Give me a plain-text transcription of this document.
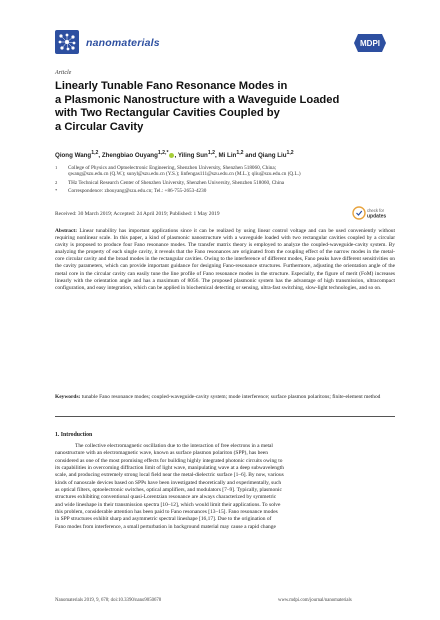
nanomaterials	MDPI
Article
Linearly Tunable Fano Resonance Modes in
a Plasmonic Nanostructure with a Waveguide Loaded
with Two Rectangular Cavities Coupled by
a Circular Cavity
Qiong Wang$^{1,2}$, Zhengbiao Ouyang$^{1,2,*}$ , Yiling Sun$^{1,2}$, Mi Lin$^{1,2}$ and Qiang Liu$^{1,2}$
1 College of Physics and Optoelectronic Engineering, Shenzhen University, Shenzhen 518060, China;
qwang@szu.edu.cn (Q.W.); sunyl@szu.edu.cn (Y.S.); linfengas111@szu.edu.cn (M.L.); qliu@szu.edu.cn (Q.L.)
2 THz Technical Research Center of Shenzhen University, Shenzhen University, Shenzhen 518060, China
* Correspondence: zbouyang@szu.edu.cn; Tel.: +86-755-2653-4230
Received: 30 March 2019; Accepted: 24 April 2019; Published: 1 May 2019
check for
updates
Abstract: Linear tunability has important applications since it can be realized by using linear control voltage and can be used conveniently without requiring nonlinear scale. In this paper, a kind of plasmonic nanostructure with a waveguide loaded with two rectangular cavities coupled by a circular cavity is proposed to produce four Fano resonance modes. The transfer matrix theory is employed to analyze the coupled-waveguide-cavity system. By analyzing the property of each single cavity, it reveals that the Fano resonances are originated from the coupling effect of the narrow modes in the metal-core circular cavity and the broad modes in the rectangular cavities. Owing to the interference of different modes, Fano peaks have different sensitivities on the cavity parameters, which can provide important guidance for designing Fano-resonance structures. Furthermore, adjusting the orientation angle of the metal core in the circular cavity can easily tune the line profile of Fano resonance modes in the structure. Especially, the figure of merit (FoM) increases linearly with the orientation angle and has a maximum of 8056. The proposed plasmonic system has the advantage of high transmission, ultracompact configuration, and easy integration, which can be applied in biochemical detecting or sensing, ultra-fast switching, slow-light technologies, and so on.
Keywords: tunable Fano resonance modes; coupled-waveguide-cavity system; mode interference; surface plasmon polaritons; finite-element method
1. Introduction
The collective electromagnetic oscillation due to the interaction of free electrons in a metal
nanostructure with an electromagnetic wave, known as surface plasmon polariton (SPP), has been
considered as one of the most promising effects for building highly integrated photonic circuits owing to
its capabilities in overcoming diffraction limit of light wave, manipulating wave at a deep subwavelength
scale, and producing extremely strong local field near the metal-dielectric surface [1–6]. By now, various
kinds of nanoscale devices based on SPPs have been investigated theoretically and experimentally, such
as optical filters, optoelectronic switches, optical amplifiers, and modulators [7–9]. Typically, plasmonic
structures exhibiting conventional quasi-Lorentzian resonance are always characterized by symmetric
and wide lineshape in their transmission spectra [10–12], which would limit their applications. To solve
this problem, considerable attention has been paid to Fano resonances [13–15]. Fano resonance modes
in SPP structures exhibit sharp and asymmetric spectral lineshape [16,17]. Due to the origination of
Fano modes from interference, a small perturbation in background material may cause a rapid change
Nanomaterials 2019, 9, 678; doi:10.3390/nano9050678	www.mdpi.com/journal/nanomaterials
